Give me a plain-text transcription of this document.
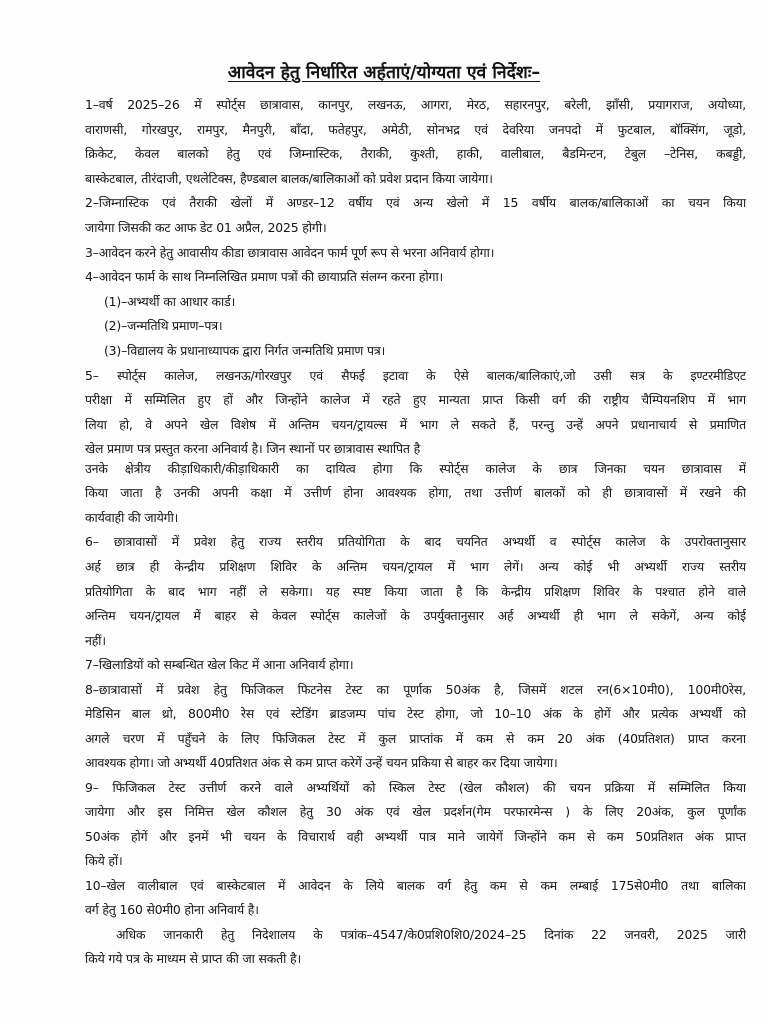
आवेदन हेतु निर्धारित अर्हताएं/योग्यता एवं निर्देशः–
1–वर्ष 2025–26 में स्पोर्ट्स छात्रावास, कानपुर, लखनऊ, आगरा, मेरठ, सहारनपुर, बरेली, झाँसी, प्रयागराज, अयोध्या,
वाराणसी, गोरखपुर, रामपुर, मैनपुरी, बाँदा, फतेहपुर, अमेठी, सोनभद्र एवं देवरिया जनपदो में फुटबाल, बॉक्सिंग, जूडो,
क्रिकेट, केवल बालको हेतु एवं जिम्नास्टिक, तैराकी, कुश्ती, हाकी, वालीबाल, बैडमिन्टन, टेबुल –टेनिस, कबड्डी,
बास्केटबाल, तीरंदाजी, एथलेटिक्स, हैण्डबाल बालक/बालिकाओं को प्रवेश प्रदान किया जायेगा।
2–जिम्नास्टिक एवं तैराकी खेलों में अण्डर–12 वर्षीय एवं अन्य खेलो में 15 वर्षीय बालक/बालिकाओं का चयन किया
जायेगा जिसकी कट आफ डेट 01 अप्रैल, 2025 होगी।
3–आवेदन करने हेतु आवासीय कीडा छात्रावास आवेदन फार्म पूर्ण रूप से भरना अनिवार्य होगा।
4–आवेदन फार्म के साथ निम्नलिखित प्रमाण पत्रों की छायाप्रति संलग्न करना होगा।
(1)–अभ्यर्थी का आधार कार्ड।
(2)–जन्मतिथि प्रमाण–पत्र।
(3)–विद्यालय के प्रधानाध्यापक द्वारा निर्गत जन्मतिथि प्रमाण पत्र।
5– स्पोर्ट्स कालेज, लखनऊ/गोरखपुर एवं सैफई इटावा के ऐसे बालक/बालिकाएं,जो उसी सत्र के इण्टरमीडिएट
परीक्षा में सम्मिलित हुए हों और जिन्होंने कालेज में रहते हुए मान्यता प्राप्त किसी वर्ग की राष्ट्रीय चैम्पियनशिप में भाग
लिया हो, वे अपने खेल विशेष में अन्तिम चयन/ट्रायल्स में भाग ले सकते हैं, परन्तु उन्हें अपने प्रधानाचार्य से प्रमाणित
खेल प्रमाण पत्र प्रस्तुत करना अनिवार्य है। जिन स्थानों पर छात्रावास स्थापित है
उनके क्षेत्रीय कीड़ाधिकारी/कीड़ाधिकारी का दायित्व होगा कि स्पोर्ट्स कालेज के छात्र जिनका चयन छात्रावास में
किया जाता है उनकी अपनी कक्षा में उत्तीर्ण होना आवश्यक होगा, तथा उत्तीर्ण बालकों को ही छात्रावासों में रखने की
कार्यवाही की जायेगी।
6– छात्रावासों में प्रवेश हेतु राज्य स्तरीय प्रतियोगिता के बाद चयनित अभ्यर्थी व स्पोर्ट्स कालेज के उपरोक्तानुसार
अर्ह छात्र ही केन्द्रीय प्रशिक्षण शिविर के अन्तिम चयन/ट्रायल में भाग लेगें। अन्य कोई भी अभ्यर्थी राज्य स्तरीय
प्रतियोगिता के बाद भाग नहीं ले सकेगा। यह स्पष्ट किया जाता है कि केन्द्रीय प्रशिक्षण शिविर के पश्चात होने वाले
अन्तिम चयन/ट्रायल में बाहर से केवल स्पोर्ट्स कालेजों के उपर्युक्तानुसार अर्ह अभ्यर्थी ही भाग ले सकेगें, अन्य कोई
नहीं।
7–खिलाडियों को सम्बन्धित खेल किट में आना अनिवार्य होगा।
8–छात्रावासों में प्रवेश हेतु फिजिकल फिटनेस टेस्ट का पूर्णाक 50अंक है, जिसमें शटल रन(6×10मी0), 100मी0रेस,
मेडिसिन बाल थ्रो, 800मी0 रेस एवं स्टेडिंग ब्राडजम्प पांच टेस्ट होगा, जो 10–10 अंक के होगें और प्रत्येक अभ्यर्थी को
अगले चरण में पहुँचने के लिए फिजिकल टेस्ट में कुल प्राप्तांक में कम से कम 20 अंक (40प्रतिशत) प्राप्त करना
आवश्यक होगा। जो अभ्यर्थी 40प्रतिशत अंक से कम प्राप्त करेगें उन्हें चयन प्रकिया से बाहर कर दिया जायेगा।
9– फिजिकल टेस्ट उत्तीर्ण करने वाले अभ्यर्थियों को स्किल टेस्ट (खेल कौशल) की चयन प्रक्रिया में सम्मिलित किया
जायेगा और इस निमित्त खेल कौशल हेतु 30 अंक एवं खेल प्रदर्शन(गेम परफारमेन्स ) के लिए 20अंक, कुल पूर्णांक
50अंक होगें और इनमें भी चयन के विचारार्थ वही अभ्यर्थी पात्र माने जायेगें जिन्होंने कम से कम 50प्रतिशत अंक प्राप्त
किये हों।
10–खेल वालीबाल एवं बास्केटबाल में आवेदन के लिये बालक वर्ग हेतु कम से कम लम्बाई 175से0मी0 तथा बालिका
वर्ग हेतु 160 से0मी0 होना अनिवार्य है।
अधिक जानकारी हेतु निदेशालय के पत्रांक–4547/के0प्रशि0शि0/2024–25 दिनांक 22 जनवरी, 2025 जारी
किये गये पत्र के माध्यम से प्राप्त की जा सकती है।
